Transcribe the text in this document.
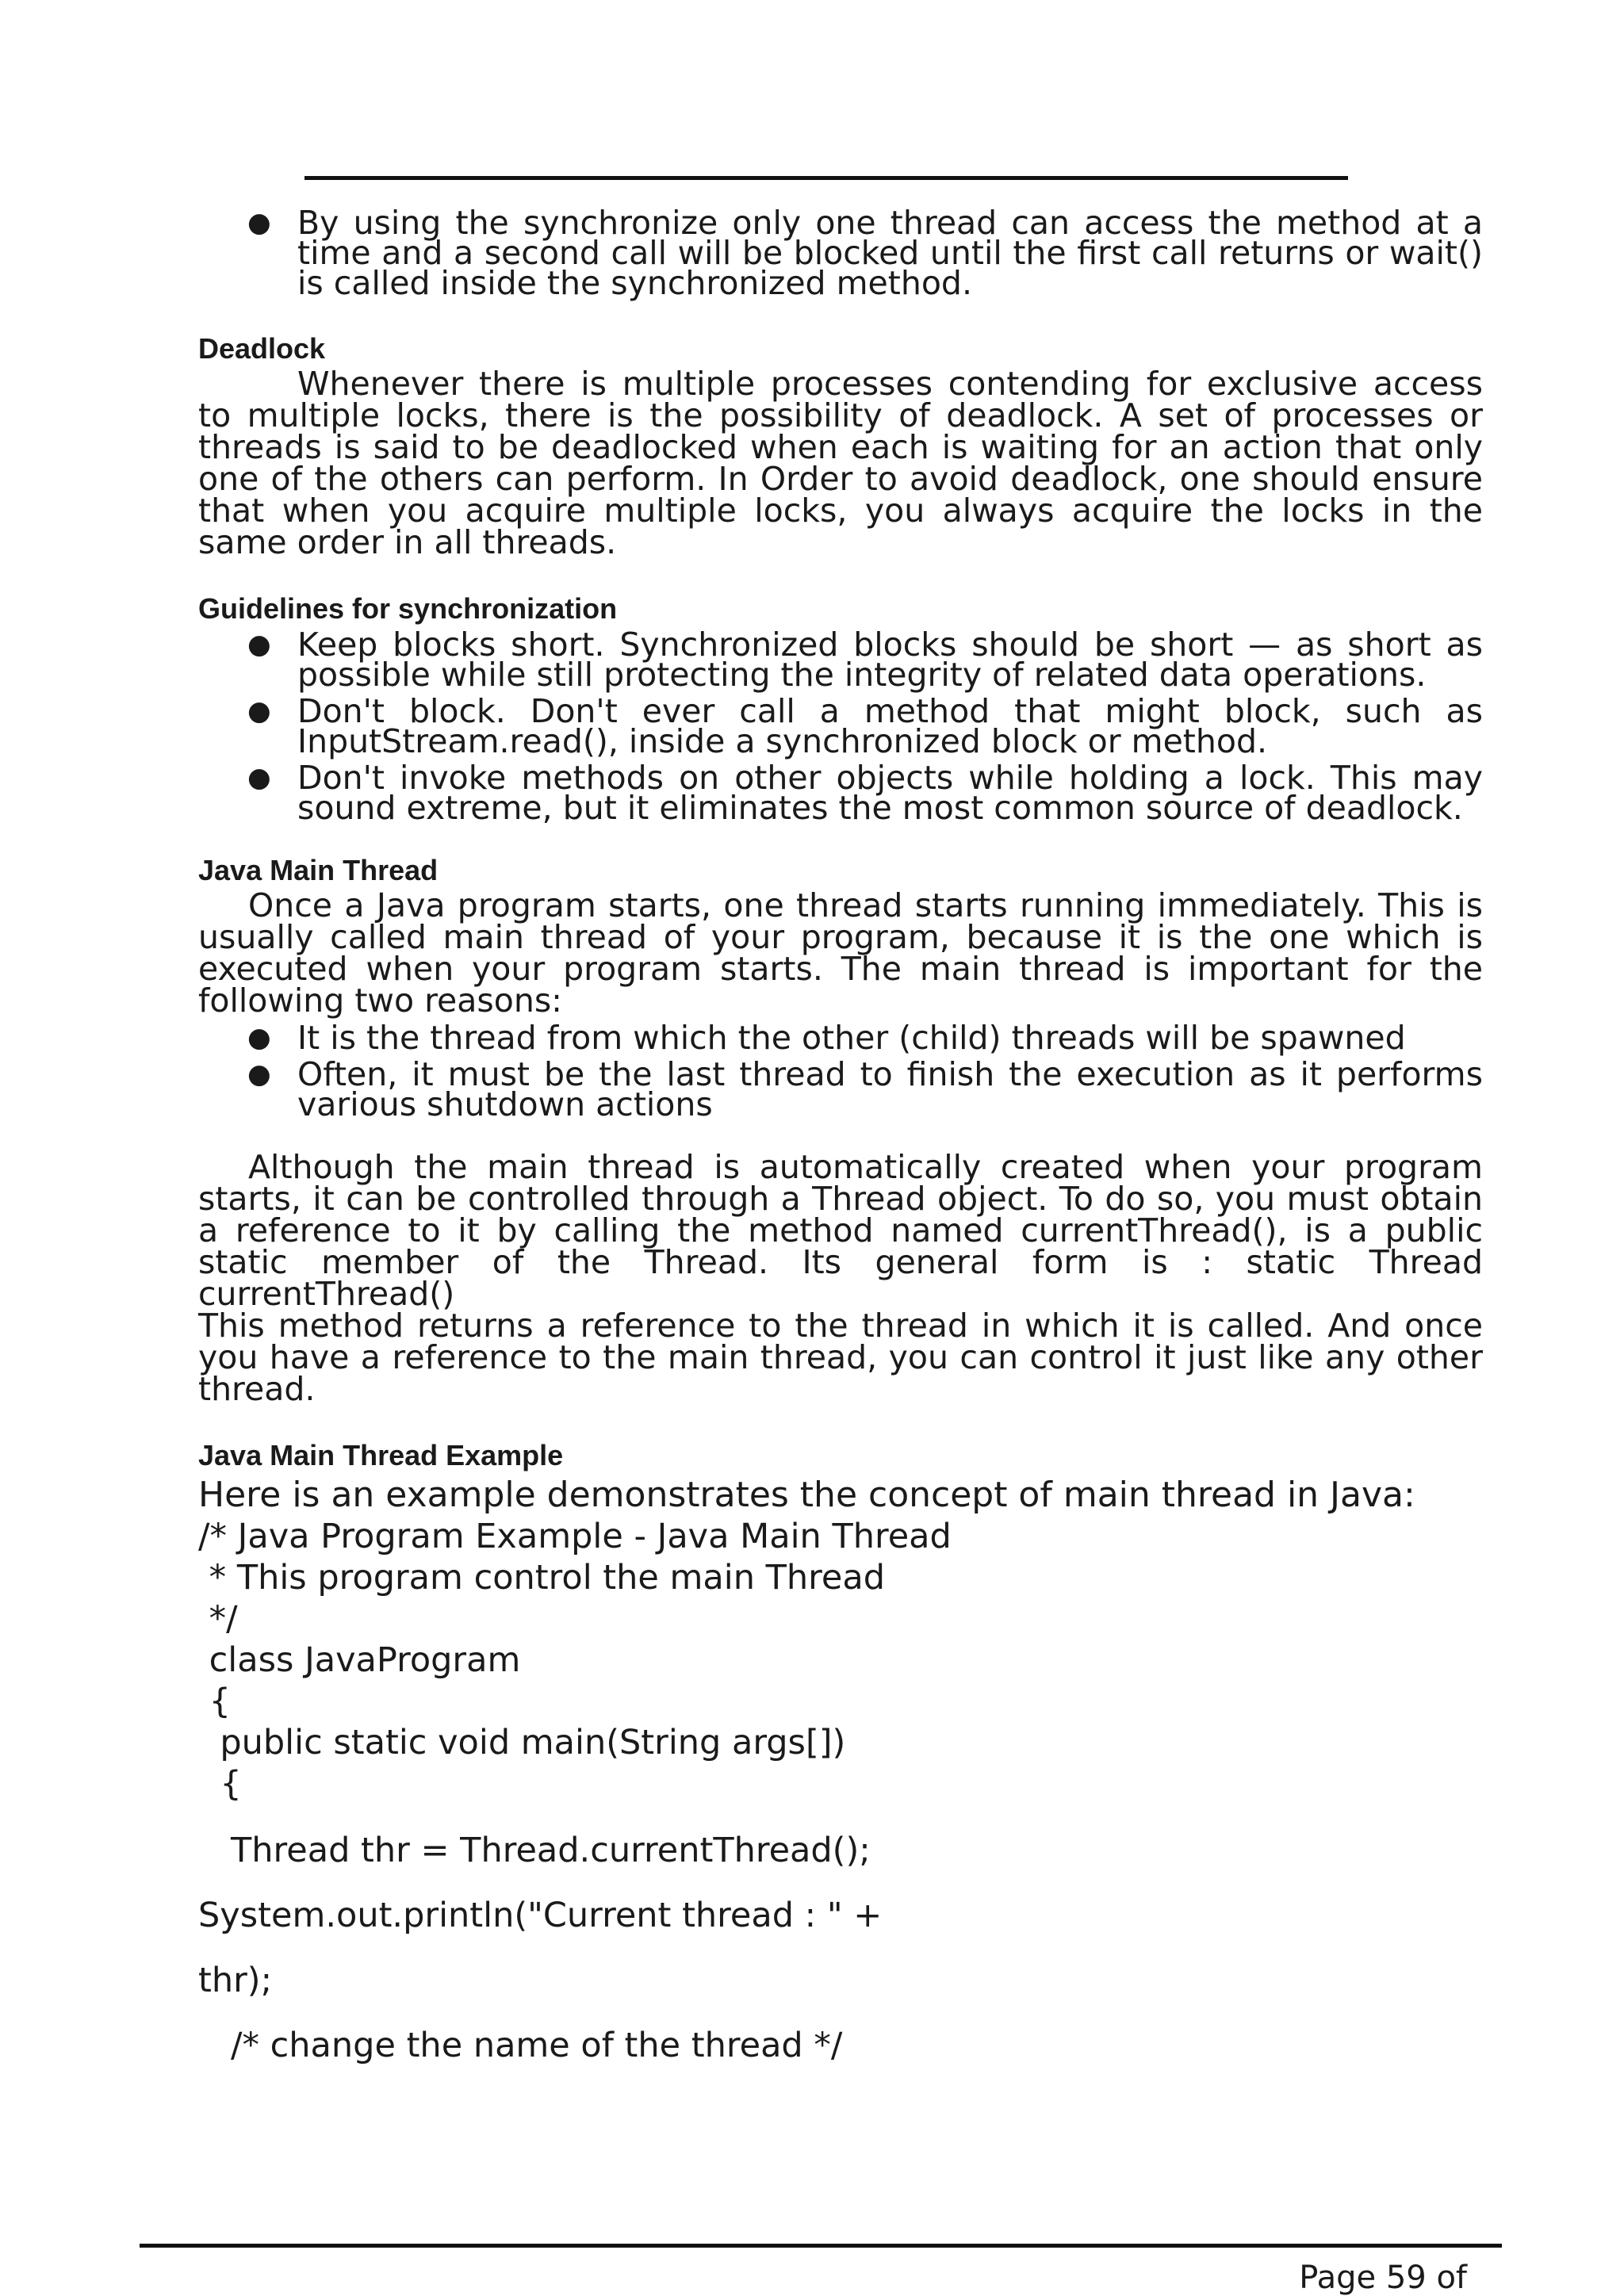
● By using the synchronize only one thread can access the method at a time and a second call will be blocked until the first call returns or wait() is called inside the synchronized method.
Deadlock

Whenever there is multiple processes contending for exclusive access to multiple locks, there is the possibility of deadlock. A set of processes or threads is said to be deadlocked when each is waiting for an action that only one of the others can perform. In Order to avoid deadlock, one should ensure that when you acquire multiple locks, you always acquire the locks in the same order in all threads.

Guidelines for synchronization
● Keep blocks short. Synchronized blocks should be short — as short as possible while still protecting the integrity of related data operations.
● Don't block. Don't ever call a method that might block, such as InputStream.read(), inside a synchronized block or method.
● Don't invoke methods on other objects while holding a lock. This may sound extreme, but it eliminates the most common source of deadlock.
Java Main Thread

Once a Java program starts, one thread starts running immediately. This is usually called main thread of your program, because it is the one which is executed when your program starts. The main thread is important for the following two reasons:

● It is the thread from which the other (child) threads will be spawned
● Often, it must be the last thread to finish the execution as it performs various shutdown actions

Although the main thread is automatically created when your program starts, it can be controlled through a Thread object. To do so, you must obtain a reference to it by calling the method named currentThread(), is a public static member of the Thread. Its general form is : static Thread currentThread()

This method returns a reference to the thread in which it is called. And once you have a reference to the main thread, you can control it just like any other thread.

Java Main Thread Example

Here is an example demonstrates the concept of main thread in Java:

/* Java Program Example - Java Main Thread
* This program control the main Thread
*/
class JavaProgram
{
public static void main(String args[])
{
Thread thr = Thread.currentThread();
System.out.println("Current thread : " +
thr);
/* change the name of the thread */
Page 59 of
